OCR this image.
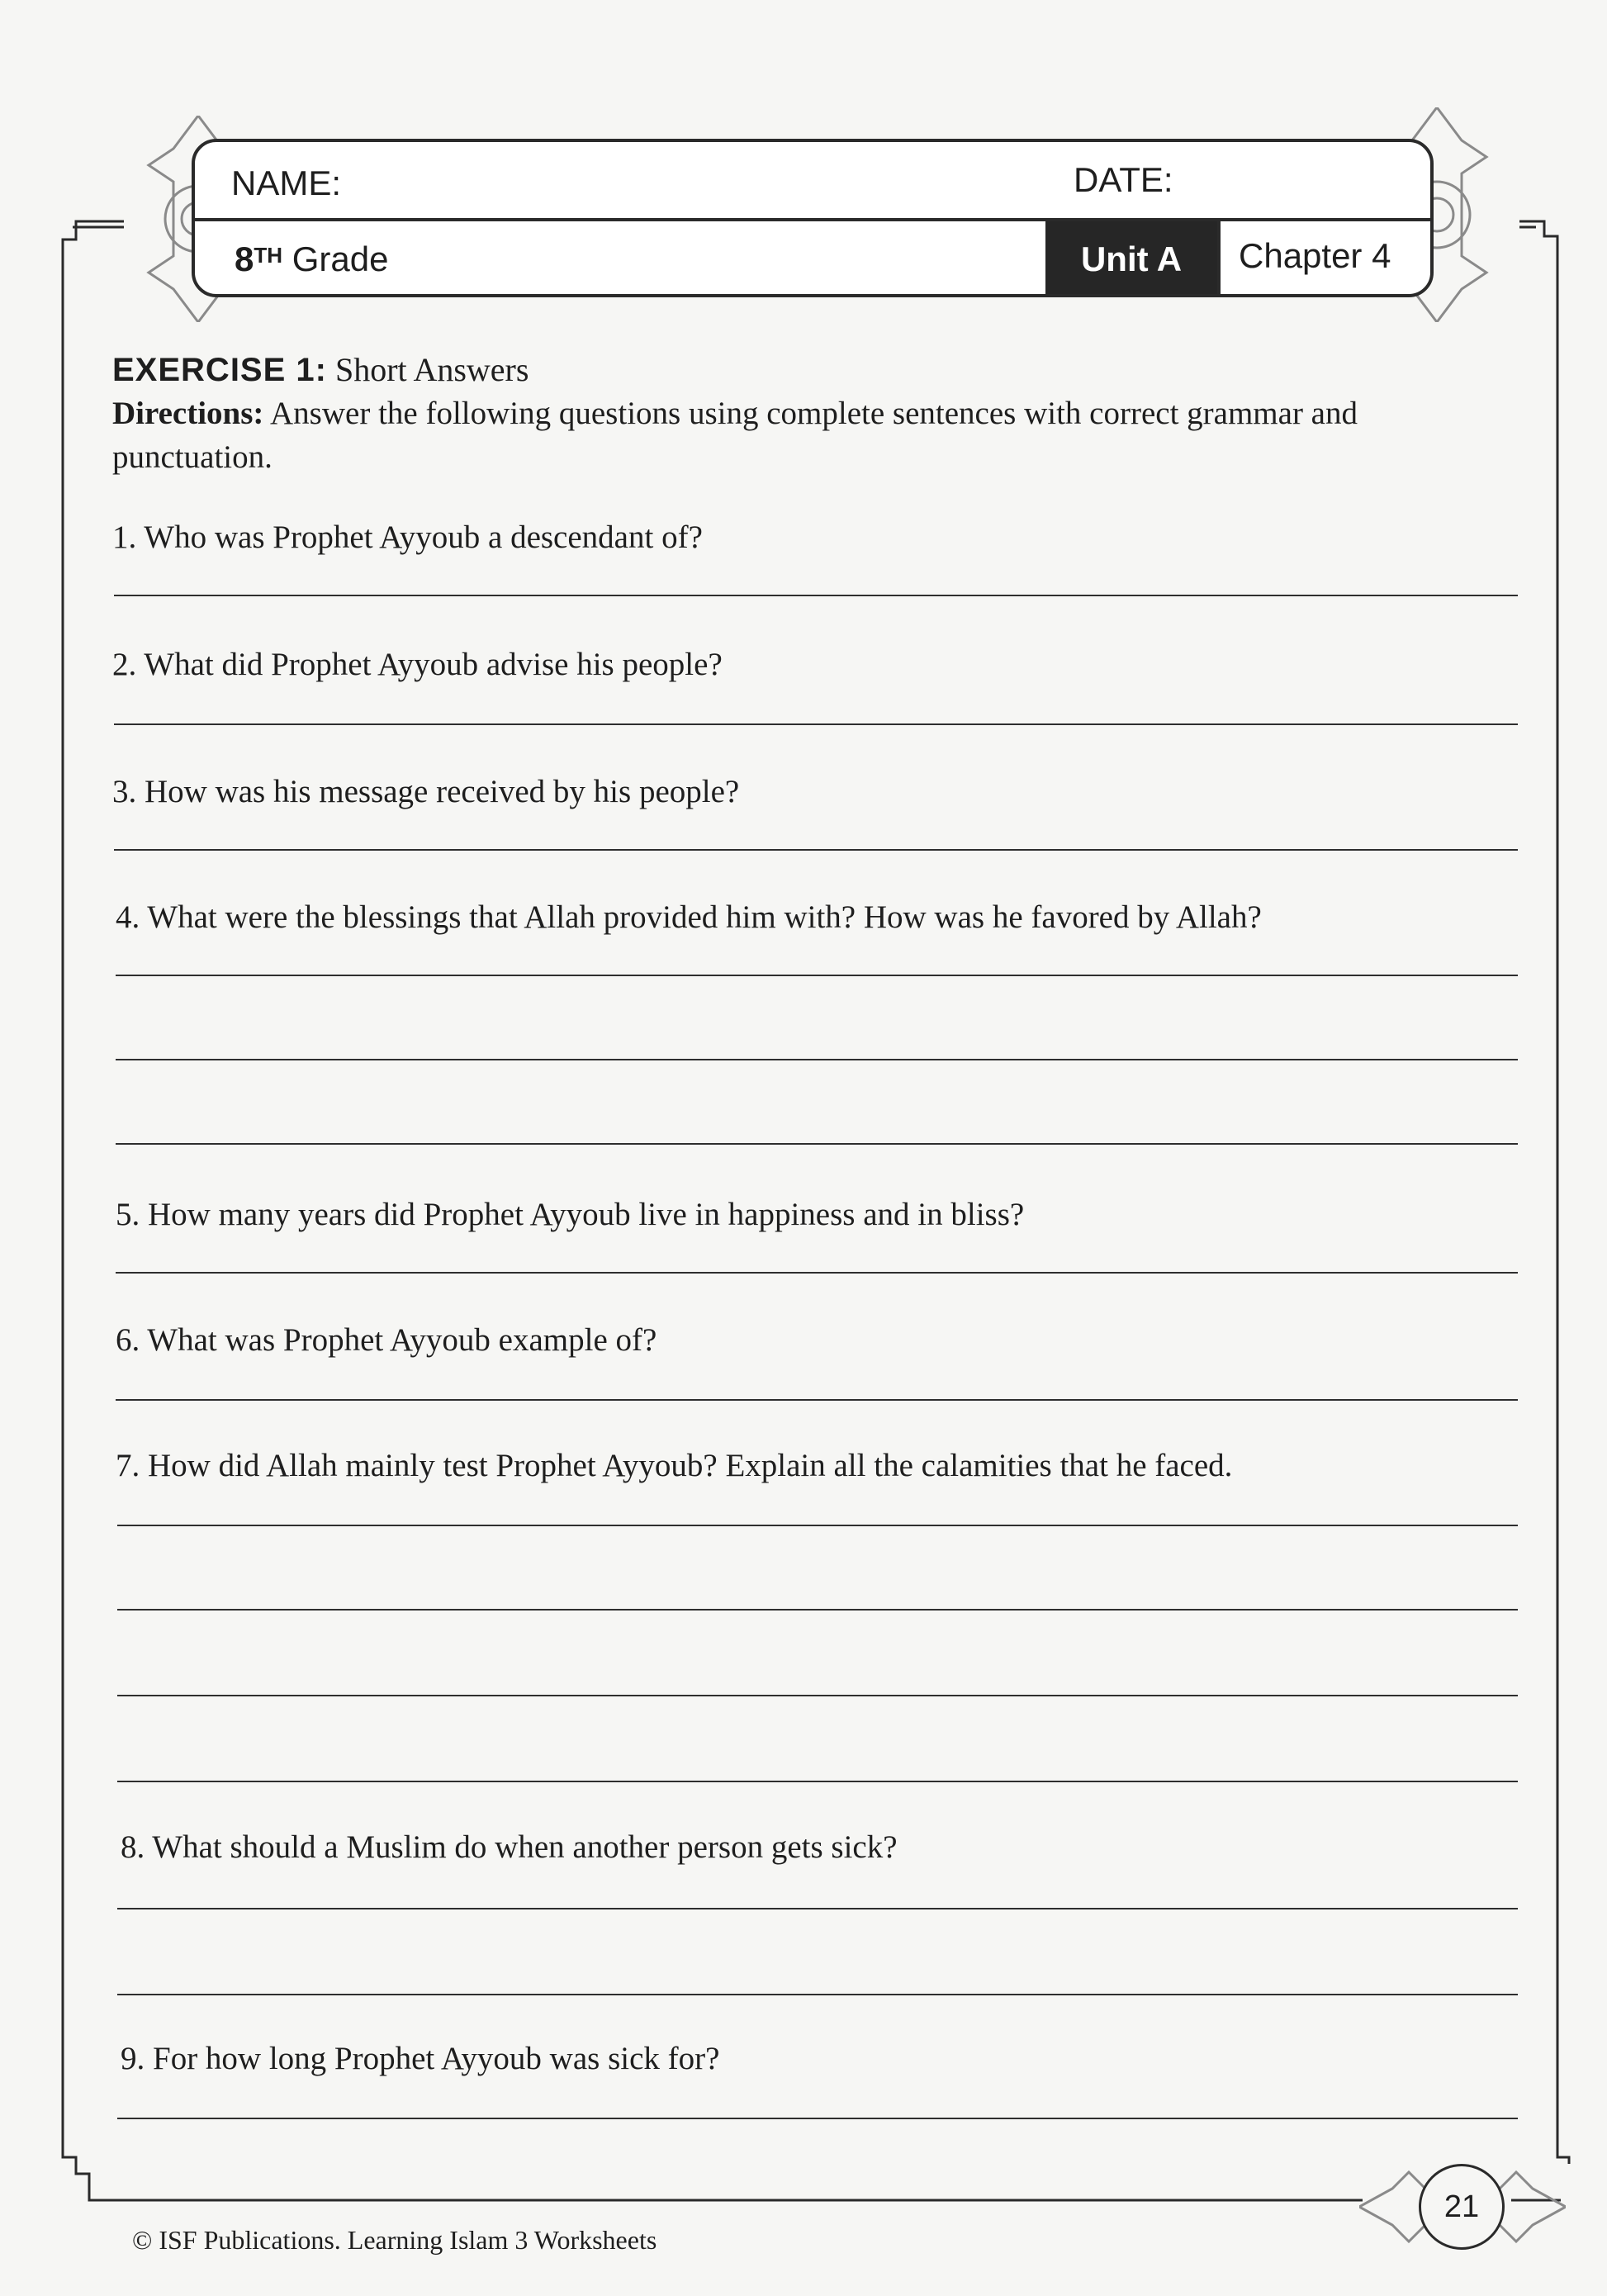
NAME:	DATE:
8TH Grade	Unit A	Chapter 4
EXERCISE 1: Short Answers
Directions: Answer the following questions using complete sentences with correct grammar and punctuation.
1. Who was Prophet Ayyoub a descendant of?
2. What did Prophet Ayyoub advise his people?
3. How was his message received by his people?
4. What were the blessings that Allah provided him with? How was he favored by Allah?
5. How many years did Prophet Ayyoub live in happiness and in bliss?
6. What was Prophet Ayyoub example of?
7. How did Allah mainly test Prophet Ayyoub? Explain all the calamities that he faced.
8. What should a Muslim do when another person gets sick?
9. For how long Prophet Ayyoub was sick for?
21
© ISF Publications. Learning Islam 3 Worksheets
